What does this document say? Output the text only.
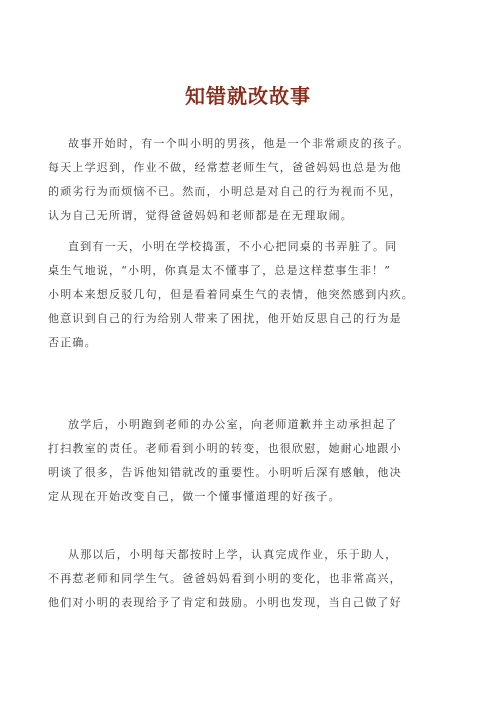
知错就改故事
故事开始时，有一个叫小明的男孩，他是一个非常顽皮的孩子。
每天上学迟到，作业不做，经常惹老师生气，爸爸妈妈也总是为他
的顽劣行为而烦恼不已。然而，小明总是对自己的行为视而不见，
认为自己无所谓，觉得爸爸妈妈和老师都是在无理取闹。
直到有一天，小明在学校捣蛋，不小心把同桌的书弄脏了。同
桌生气地说，“小明，你真是太不懂事了，总是这样惹事生非！”
小明本来想反驳几句，但是看着同桌生气的表情，他突然感到内疚。
他意识到自己的行为给别人带来了困扰，他开始反思自己的行为是
否正确。
放学后，小明跑到老师的办公室，向老师道歉并主动承担起了
打扫教室的责任。老师看到小明的转变，也很欣慰，她耐心地跟小
明谈了很多，告诉他知错就改的重要性。小明听后深有感触，他决
定从现在开始改变自己，做一个懂事懂道理的好孩子。
从那以后，小明每天都按时上学，认真完成作业，乐于助人，
不再惹老师和同学生气。爸爸妈妈看到小明的变化，也非常高兴，
他们对小明的表现给予了肯定和鼓励。小明也发现，当自己做了好
